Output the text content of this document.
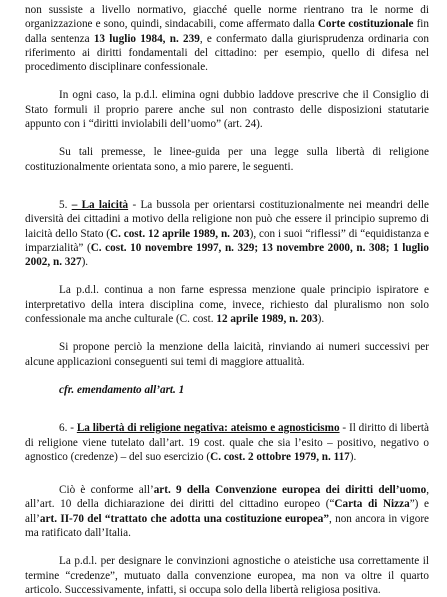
non sussiste a livello normativo, giacché quelle norme rientrano tra le norme di organizzazione e sono, quindi, sindacabili, come affermato dalla Corte costituzionale fin dalla sentenza 13 luglio 1984, n. 239, e confermato dalla giurisprudenza ordinaria con riferimento ai diritti fondamentali del cittadino: per esempio, quello di difesa nel procedimento disciplinare confessionale.

In ogni caso, la p.d.l. elimina ogni dubbio laddove prescrive che il Consiglio di Stato formuli il proprio parere anche sul non contrasto delle disposizioni statutarie appunto con i “diritti inviolabili dell’uomo” (art. 24).

Su tali premesse, le linee-guida per una legge sulla libertà di religione costituzionalmente orientata sono, a mio parere, le seguenti.

5. – La laicità - La bussola per orientarsi costituzionalmente nei meandri delle diversità dei cittadini a motivo della religione non può che essere il principio supremo di laicità dello Stato (C. cost. 12 aprile 1989, n. 203), con i suoi “riflessi” di “equidistanza e imparzialità” (C. cost. 10 novembre 1997, n. 329; 13 novembre 2000, n. 308; 1 luglio 2002, n. 327).

La p.d.l. continua a non farne espressa menzione quale principio ispiratore e interpretativo della intera disciplina come, invece, richiesto dal pluralismo non solo confessionale ma anche culturale (C. cost. 12 aprile 1989, n. 203).

Si propone perciò la menzione della laicità, rinviando ai numeri successivi per alcune applicazioni conseguenti sui temi di maggiore attualità.

cfr. emendamento all’art. 1

6. - La libertà di religione negativa: ateismo e agnosticismo - Il diritto di libertà di religione viene tutelato dall’art. 19 cost. quale che sia l’esito – positivo, negativo o agnostico (credenze) – del suo esercizio (C. cost. 2 ottobre 1979, n. 117).

Ciò è conforme all’art. 9 della Convenzione europea dei diritti dell’uomo, all’art. 10 della dichiarazione dei diritti del cittadino europeo (“Carta di Nizza”) e all’art. II-70 del “trattato che adotta una costituzione europea”, non ancora in vigore ma ratificato dall’Italia.

La p.d.l. per designare le convinzioni agnostiche o ateistiche usa correttamente il termine “credenze”, mutuato dalla convenzione europea, ma non va oltre il quarto articolo. Successivamente, infatti, si occupa solo della libertà religiosa positiva.
